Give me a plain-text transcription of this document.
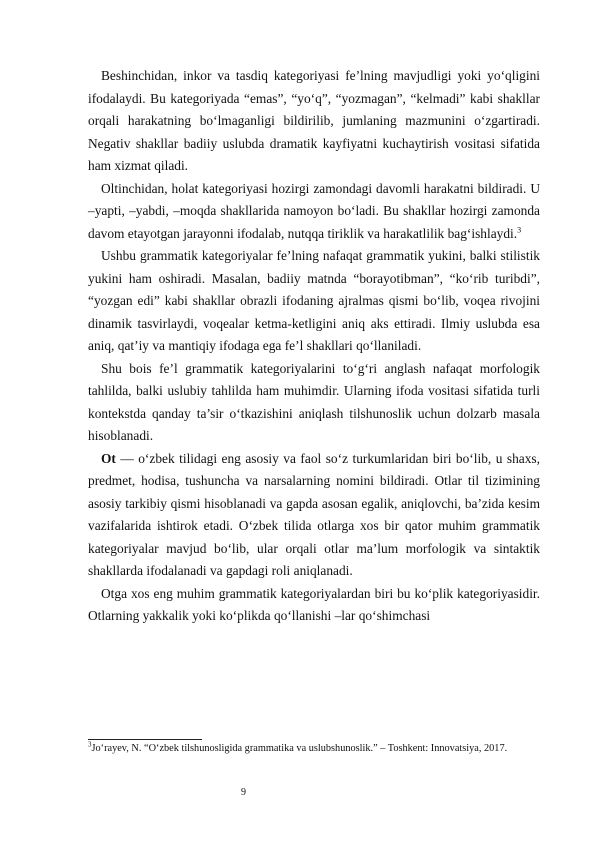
Beshinchidan, inkor va tasdiq kategoriyasi fe’lning mavjudligi yoki yo‘qligini ifodalaydi. Bu kategoriyada “emas”, “yo‘q”, “yozmagan”, “kelmadi” kabi shakllar orqali harakatning bo‘lmaganligi bildirilib, jumlaning mazmunini o‘zgartiradi. Negativ shakllar badiiy uslubda dramatik kayfiyatni kuchaytirish vositasi sifatida ham xizmat qiladi.

Oltinchidan, holat kategoriyasi hozirgi zamondagi davomli harakatni bildiradi. U –yapti, –yabdi, –moqda shakllarida namoyon bo‘ladi. Bu shakllar hozirgi zamonda davom etayotgan jarayonni ifodalab, nutqqa tiriklik va harakatlilik bag‘ishlaydi.$^3$

Ushbu grammatik kategoriyalar fe’lning nafaqat grammatik yukini, balki stilistik yukini ham oshiradi. Masalan, badiiy matnda “borayotibman”, “ko‘rib turibdi”, “yozgan edi” kabi shakllar obrazli ifodaning ajralmas qismi bo‘lib, voqea rivojini dinamik tasvirlaydi, voqealar ketma-ketligini aniq aks ettiradi. Ilmiy uslubda esa aniq, qat’iy va mantiqiy ifodaga ega fe’l shakllari qo‘llaniladi.

Shu bois fe’l grammatik kategoriyalarini to‘g‘ri anglash nafaqat morfologik tahlilda, balki uslubiy tahlilda ham muhimdir. Ularning ifoda vositasi sifatida turli kontekstda qanday ta’sir o‘tkazishini aniqlash tilshunoslik uchun dolzarb masala hisoblanadi.

Ot — o‘zbek tilidagi eng asosiy va faol so‘z turkumlaridan biri bo‘lib, u shaxs, predmet, hodisa, tushuncha va narsalarning nomini bildiradi. Otlar til tizimining asosiy tarkibiy qismi hisoblanadi va gapda asosan egalik, aniqlovchi, ba’zida kesim vazifalarida ishtirok etadi. O‘zbek tilida otlarga xos bir qator muhim grammatik kategoriyalar mavjud bo‘lib, ular orqali otlar ma’lum morfologik va sintaktik shakllarda ifodalanadi va gapdagi roli aniqlanadi.

Otga xos eng muhim grammatik kategoriyalardan biri bu ko‘plik kategoriyasidir. Otlarning yakkalik yoki ko‘plikda qo‘llanishi –lar qo‘shimchasi

$^3$Jo‘rayev, N. “O‘zbek tilshunosligida grammatika va uslubshunoslik.” – Toshkent: Innovatsiya, 2017.
9
